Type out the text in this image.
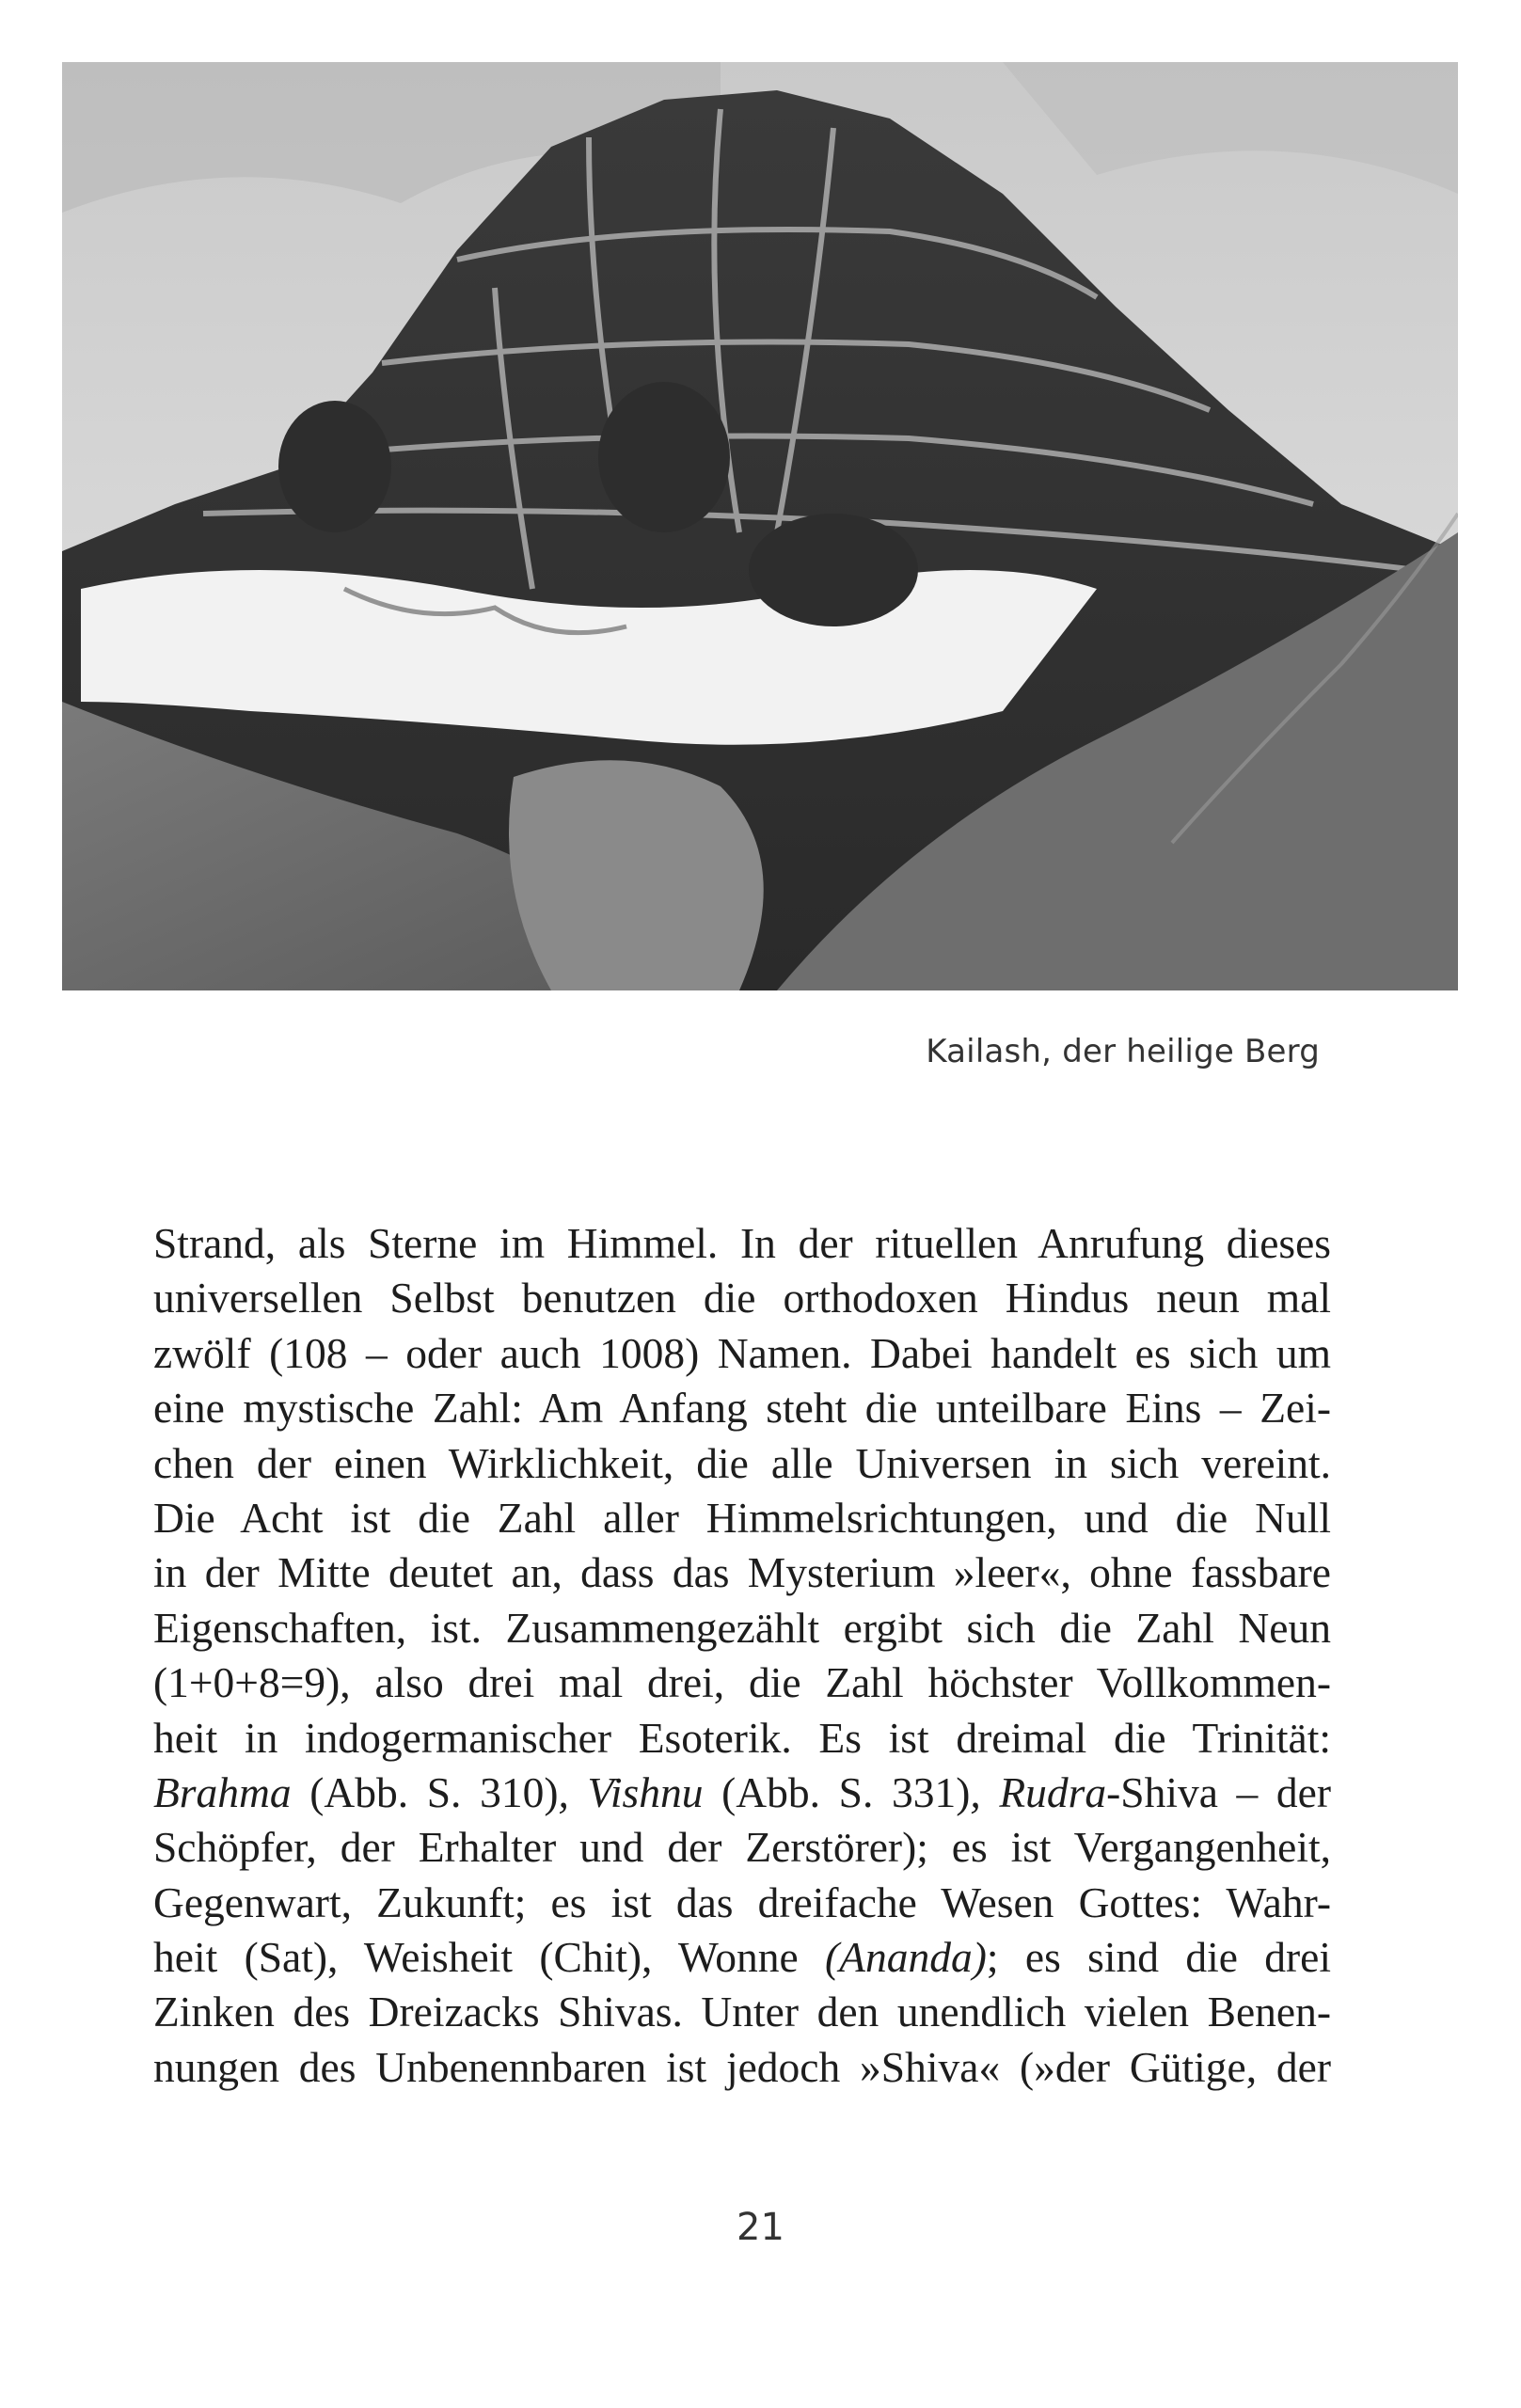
Kailash, der heilige Berg
Strand, als Sterne im Himmel. In der rituellen Anrufung dieses
universellen Selbst benutzen die orthodoxen Hindus neun mal
zwölf (108 – oder auch 1008) Namen. Dabei handelt es sich um
eine mystische Zahl: Am Anfang steht die unteilbare Eins – Zei-
chen der einen Wirklichkeit, die alle Universen in sich vereint.
Die Acht ist die Zahl aller Himmelsrichtungen, und die Null
in der Mitte deutet an, dass das Mysterium »leer«, ohne fassbare
Eigenschaften, ist. Zusammengezählt ergibt sich die Zahl Neun
(1+0+8=9), also drei mal drei, die Zahl höchster Vollkommen-
heit in indogermanischer Esoterik. Es ist dreimal die Trinität:
Brahma (Abb. S. 310), Vishnu (Abb. S. 331), Rudra-Shiva – der
Schöpfer, der Erhalter und der Zerstörer); es ist Vergangenheit,
Gegenwart, Zukunft; es ist das dreifache Wesen Gottes: Wahr-
heit (Sat), Weisheit (Chit), Wonne (Ananda); es sind die drei
Zinken des Dreizacks Shivas. Unter den unendlich vielen Benen-
nungen des Unbenennbaren ist jedoch »Shiva« (»der Gütige, der
21
